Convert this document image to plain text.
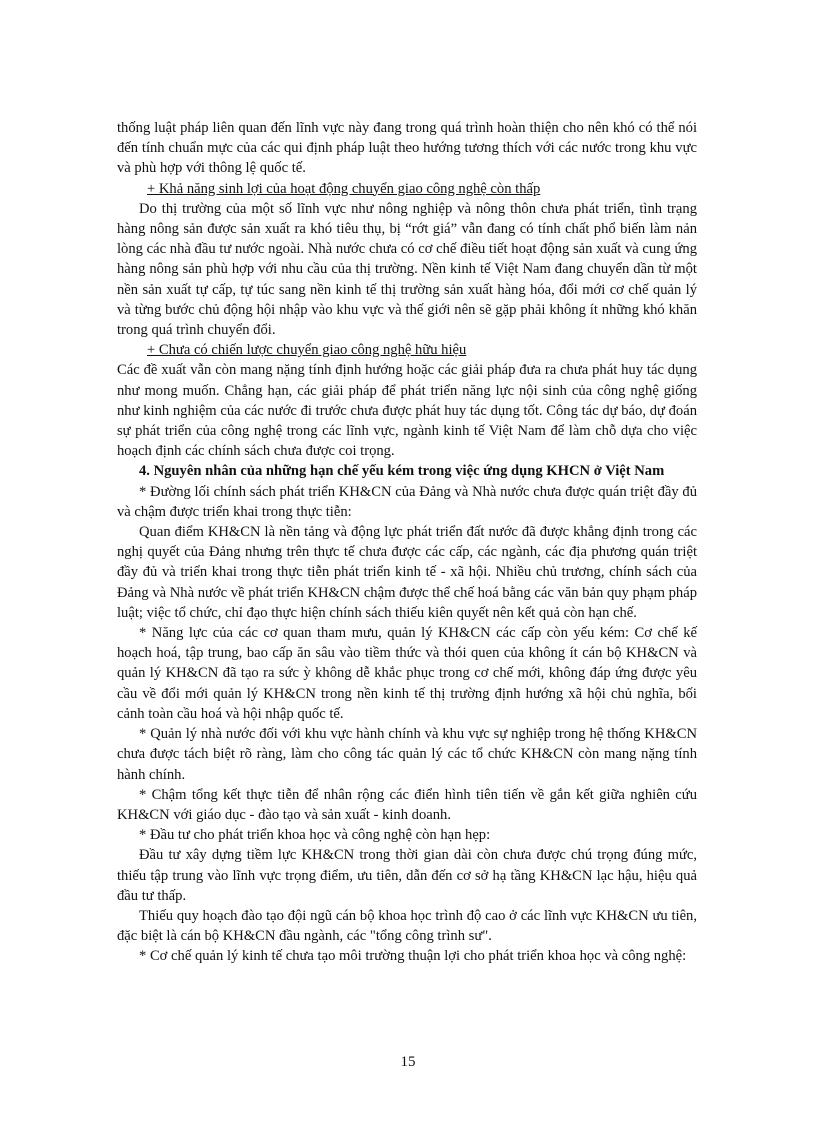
thống luật pháp liên quan đến lĩnh vực này đang trong quá trình hoàn thiện cho nên khó có thể nói đến tính chuẩn mực của các qui định pháp luật theo hướng tương thích với các nước trong khu vực và phù hợp với thông lệ quốc tế.

+ Khả năng sinh lợi của hoạt động chuyển giao công nghệ còn thấp

Do thị trường của một số lĩnh vực như nông nghiệp và nông thôn chưa phát triển, tình trạng hàng nông sản được sản xuất ra khó tiêu thụ, bị “rớt giá” vẫn đang có tính chất phổ biến làm nản lòng các nhà đầu tư nước ngoài. Nhà nước chưa có cơ chế điều tiết hoạt động sản xuất và cung ứng hàng nông sản phù hợp với nhu cầu của thị trường. Nền kinh tế Việt Nam đang chuyển dần từ một nền sản xuất tự cấp, tự túc sang nền kinh tế thị trường sản xuất hàng hóa, đổi mới cơ chế quản lý và từng bước chủ động hội nhập vào khu vực và thế giới nên sẽ gặp phải không ít những khó khăn trong quá trình chuyển đổi.

+ Chưa có chiến lược chuyển giao công nghệ hữu hiệu

Các đề xuất vẫn còn mang nặng tính định hướng hoặc các giải pháp đưa ra chưa phát huy tác dụng như mong muốn. Chẳng hạn, các giải pháp để phát triển năng lực nội sinh của công nghệ giống như kinh nghiệm của các nước đi trước chưa được phát huy tác dụng tốt. Công tác dự báo, dự đoán sự phát triển của công nghệ trong các lĩnh vực, ngành kinh tế Việt Nam để làm chỗ dựa cho việc hoạch định các chính sách chưa được coi trọng.

4. Nguyên nhân của những hạn chế yếu kém trong việc ứng dụng KHCN ở Việt Nam

* Đường lối chính sách phát triển KH&CN của Đảng và Nhà nước chưa được quán triệt đầy đủ và chậm được triển khai trong thực tiễn:

Quan điểm KH&CN là nền tảng và động lực phát triển đất nước đã được khẳng định trong các nghị quyết của Đảng nhưng trên thực tế chưa được các cấp, các ngành, các địa phương quán triệt đầy đủ và triển khai trong thực tiễn phát triển kinh tế - xã hội. Nhiều chủ trương, chính sách của Đảng và Nhà nước về phát triển KH&CN chậm được thể chế hoá bằng các văn bản quy phạm pháp luật; việc tổ chức, chỉ đạo thực hiện chính sách thiếu kiên quyết nên kết quả còn hạn chế.

* Năng lực của các cơ quan tham mưu, quản lý KH&CN các cấp còn yếu kém: Cơ chế kế hoạch hoá, tập trung, bao cấp ăn sâu vào tiềm thức và thói quen của không ít cán bộ KH&CN và quản lý KH&CN đã tạo ra sức ỳ không dễ khắc phục trong cơ chế mới, không đáp ứng được yêu cầu về đổi mới quản lý KH&CN trong nền kinh tế thị trường định hướng xã hội chủ nghĩa, bối cảnh toàn cầu hoá và hội nhập quốc tế.

* Quản lý nhà nước đối với khu vực hành chính và khu vực sự nghiệp trong hệ thống KH&CN chưa được tách biệt rõ ràng, làm cho công tác quản lý các tổ chức KH&CN còn mang nặng tính hành chính.

* Chậm tổng kết thực tiễn để nhân rộng các điển hình tiên tiến về gắn kết giữa nghiên cứu KH&CN với giáo dục - đào tạo và sản xuất - kinh doanh.

* Đầu tư cho phát triển khoa học và công nghệ còn hạn hẹp:

Đầu tư xây dựng tiềm lực KH&CN trong thời gian dài còn chưa được chú trọng đúng mức, thiếu tập trung vào lĩnh vực trọng điểm, ưu tiên, dẫn đến cơ sở hạ tầng KH&CN lạc hậu, hiệu quả đầu tư thấp.

Thiếu quy hoạch đào tạo đội ngũ cán bộ khoa học trình độ cao ở các lĩnh vực KH&CN ưu tiên, đặc biệt là cán bộ KH&CN đầu ngành, các "tổng công trình sư".

* Cơ chế quản lý kinh tế chưa tạo môi trường thuận lợi cho phát triển khoa học và công nghệ:

15
